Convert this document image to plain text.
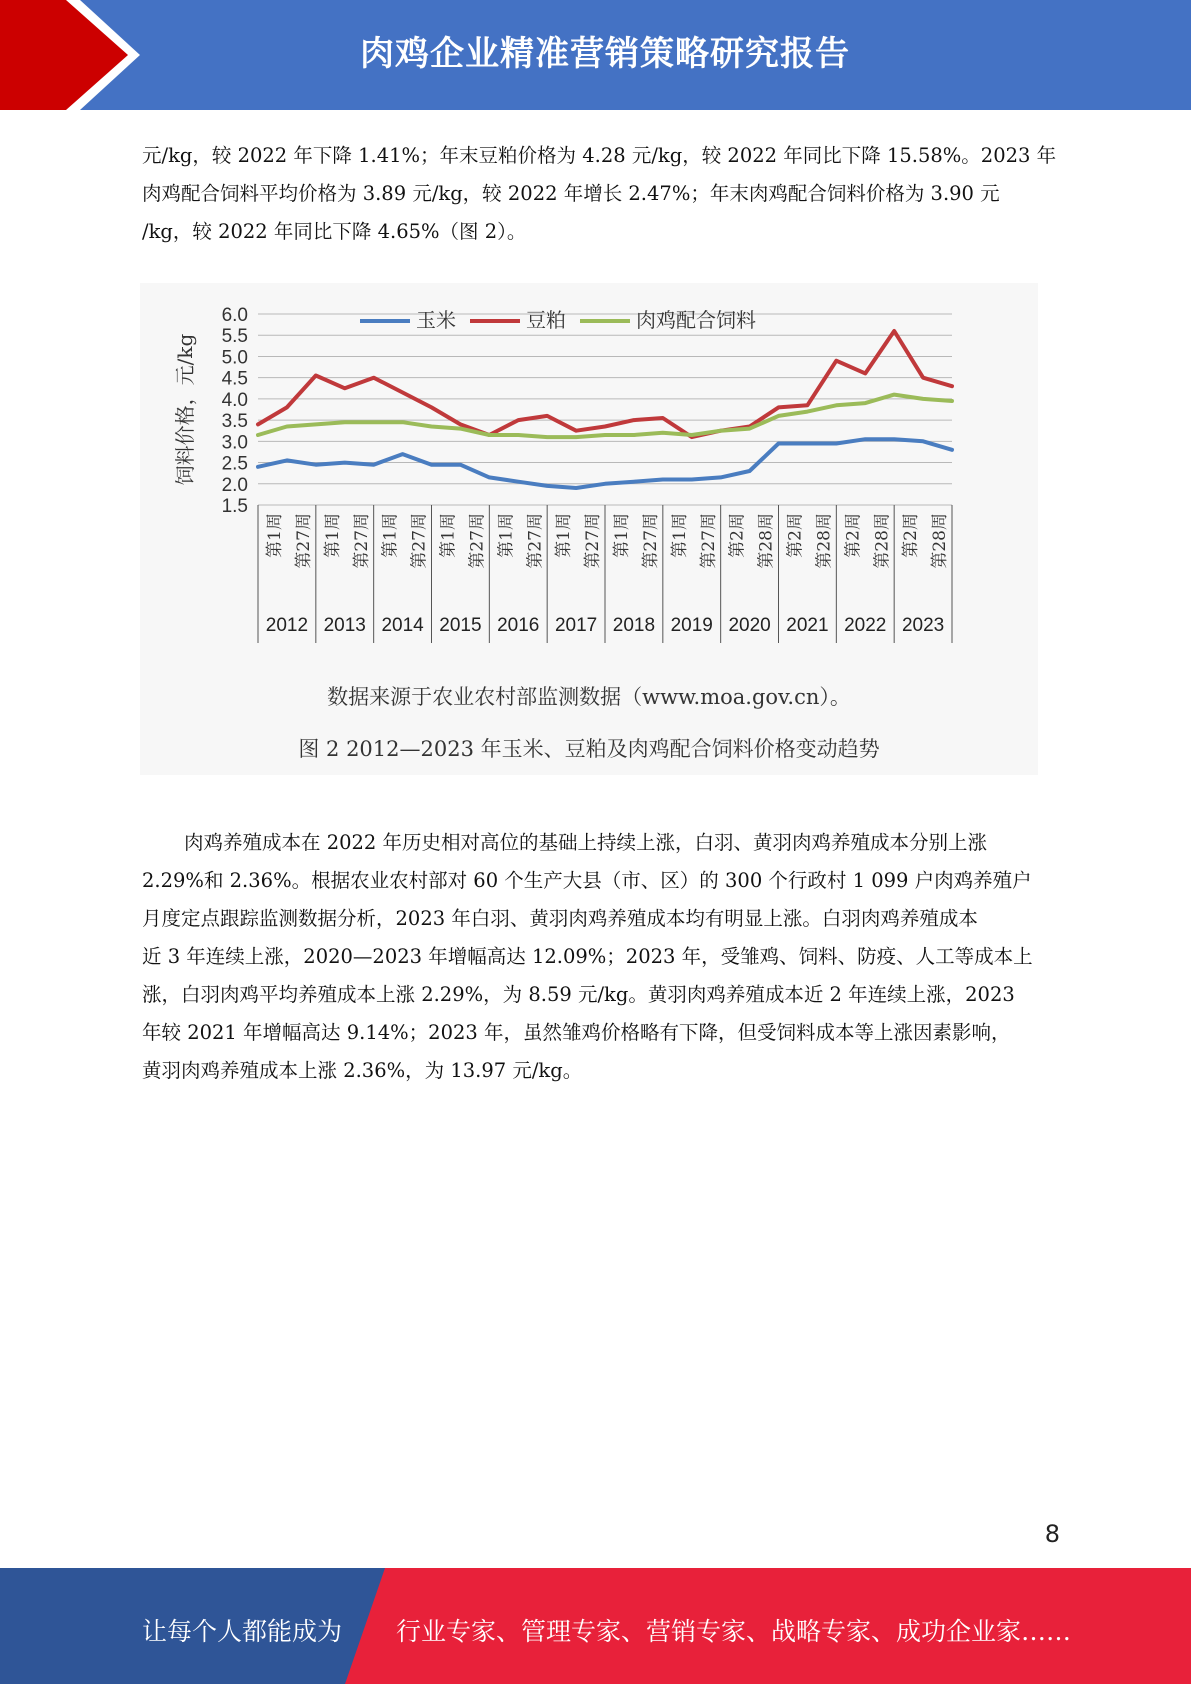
肉鸡企业精准营销策略研究报告

元/kg，较 2022 年下降 1.41%；年末豆粕价格为 4.28 元/kg，较 2022 年同比下降 15.58%。2023 年
肉鸡配合饲料平均价格为 3.89 元/kg，较 2022 年增长 2.47%；年末肉鸡配合饲料价格为 3.90 元
/kg，较 2022 年同比下降 4.65%（图 2）。

6.0
5.5
5.0
4.5
4.0
3.5
3.0
2.5
2.0
1.5
饲料价格，元/kg
第1周 第27周 第1周 第27周 第1周 第27周 第1周 第27周 第1周 第27周 第1周 第27周 第1周 第27周 第1周 第27周 第2周 第28周 第2周 第28周 第2周 第28周 第2周 第28周
2012 2013 2014 2015 2016 2017 2018 2019 2020 2021 2022 2023
玉米	豆粕	肉鸡配合饲料
数据来源于农业农村部监测数据（www.moa.gov.cn）。
图 2 2012—2023 年玉米、豆粕及肉鸡配合饲料价格变动趋势

肉鸡养殖成本在 2022 年历史相对高位的基础上持续上涨，白羽、黄羽肉鸡养殖成本分别上涨
2.29%和 2.36%。根据农业农村部对 60 个生产大县（市、区）的 300 个行政村 1 099 户肉鸡养殖户
月度定点跟踪监测数据分析，2023 年白羽、黄羽肉鸡养殖成本均有明显上涨。白羽肉鸡养殖成本
近 3 年连续上涨，2020—2023 年增幅高达 12.09%；2023 年，受雏鸡、饲料、防疫、人工等成本上
涨，白羽肉鸡平均养殖成本上涨 2.29%，为 8.59 元/kg。黄羽肉鸡养殖成本近 2 年连续上涨，2023
年较 2021 年增幅高达 9.14%；2023 年，虽然雏鸡价格略有下降，但受饲料成本等上涨因素影响，
黄羽肉鸡养殖成本上涨 2.36%，为 13.97 元/kg。

8
让每个人都能成为 行业专家、管理专家、营销专家、战略专家、成功企业家……
